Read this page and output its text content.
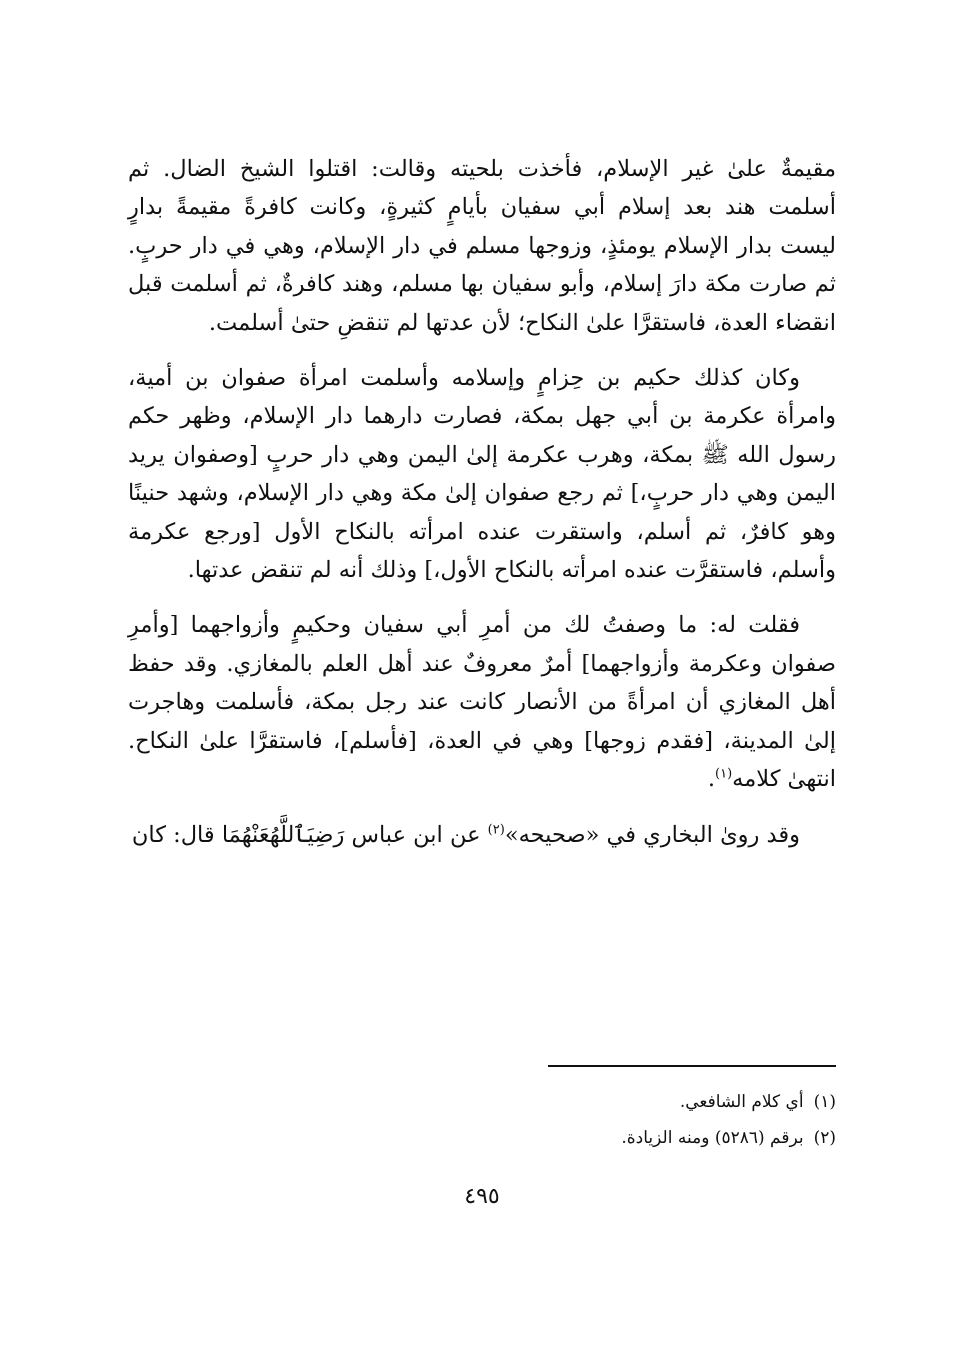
مقيمةٌ علىٰ غير الإسلام، فأخذت بلحيته وقالت: اقتلوا الشيخ الضال. ثم أسلمت هند بعد إسلام أبي سفيان بأيامٍ كثيرةٍ، وكانت كافرةً مقيمةً بدارٍ ليست بدار الإسلام يومئذٍ، وزوجها مسلم في دار الإسلام، وهي في دار حربٍ. ثم صارت مكة دارَ إسلام، وأبو سفيان بها مسلم، وهند كافرةٌ، ثم أسلمت قبل انقضاء العدة، فاستقرَّا علىٰ النكاح؛ لأن عدتها لم تنقضِ حتىٰ أسلمت.

وكان كذلك حكيم بن حِزامٍ وإسلامه وأسلمت امرأة صفوان بن أمية، وامرأة عكرمة بن أبي جهل بمكة، فصارت دارهما دار الإسلام، وظهر حكم رسول الله ﷺ بمكة، وهرب عكرمة إلىٰ اليمن وهي دار حربٍ [وصفوان يريد اليمن وهي دار حربٍ،] ثم رجع صفوان إلىٰ مكة وهي دار الإسلام، وشهد حنينًا وهو كافرٌ، ثم أسلم، واستقرت عنده امرأته بالنكاح الأول [ورجع عكرمة وأسلم، فاستقرَّت عنده امرأته بالنكاح الأول،] وذلك أنه لم تنقض عدتها.

فقلت له: ما وصفتُ لك من أمرِ أبي سفيان وحكيمٍ وأزواجهما [وأمرِ صفوان وعكرمة وأزواجهما] أمرٌ معروفٌ عند أهل العلم بالمغازي. وقد حفظ أهل المغازي أن امرأةً من الأنصار كانت عند رجل بمكة، فأسلمت وهاجرت إلىٰ المدينة، [فقدم زوجها] وهي في العدة، [فأسلم]، فاستقرَّا علىٰ النكاح. انتهىٰ كلامه$^{(١)}$.

وقد روىٰ البخاري في «صحيحه»$^{(٢)}$ عن ابن عباس رَضِيَٱللَّهُعَنْهُمَا قال: كان

(١)أي كلام الشافعي.

(٢)برقم (٥٢٨٦) ومنه الزيادة.

٤٩٥
